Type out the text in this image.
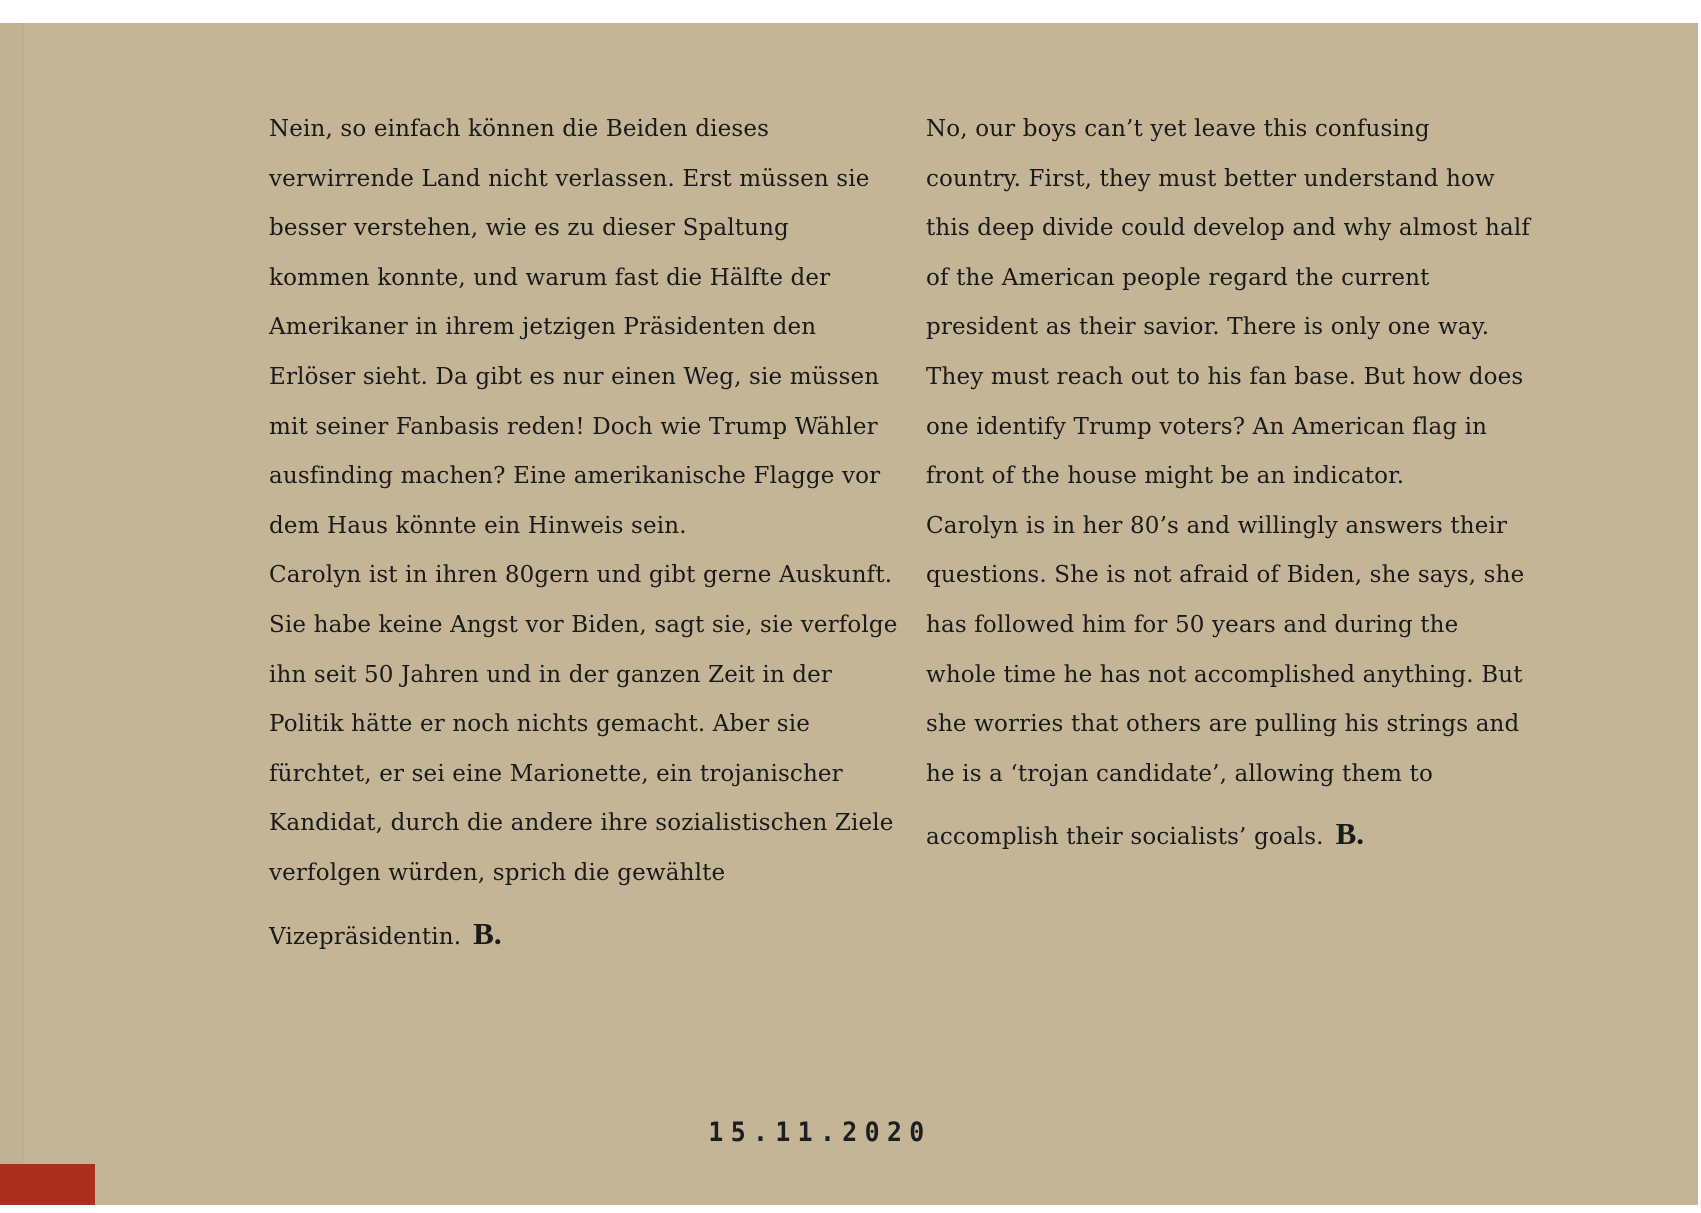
Nein, so einfach können die Beiden dieses
verwirrende Land nicht verlassen. Erst müssen sie
besser verstehen, wie es zu dieser Spaltung
kommen konnte, und warum fast die Hälfte der
Amerikaner in ihrem jetzigen Präsidenten den
Erlöser sieht. Da gibt es nur einen Weg, sie müssen
mit seiner Fanbasis reden! Doch wie Trump Wähler
ausfinding machen? Eine amerikanische Flagge vor
dem Haus könnte ein Hinweis sein.
Carolyn ist in ihren 80gern und gibt gerne Auskunft.
Sie habe keine Angst vor Biden, sagt sie, sie verfolge
ihn seit 50 Jahren und in der ganzen Zeit in der
Politik hätte er noch nichts gemacht. Aber sie
fürchtet, er sei eine Marionette, ein trojanischer
Kandidat, durch die andere ihre sozialistischen Ziele
verfolgen würden, sprich die gewählte
Vizepräsidentin. B.
No, our boys can’t yet leave this confusing
country. First, they must better understand how
this deep divide could develop and why almost half
of the American people regard the current
president as their savior. There is only one way.
They must reach out to his fan base. But how does
one identify Trump voters? An American flag in
front of the house might be an indicator.
Carolyn is in her 80’s and willingly answers their
questions. She is not afraid of Biden, she says, she
has followed him for 50 years and during the
whole time he has not accomplished anything. But
she worries that others are pulling his strings and
he is a ‘trojan candidate’, allowing them to
accomplish their socialists’ goals. B.
15.11.2020
